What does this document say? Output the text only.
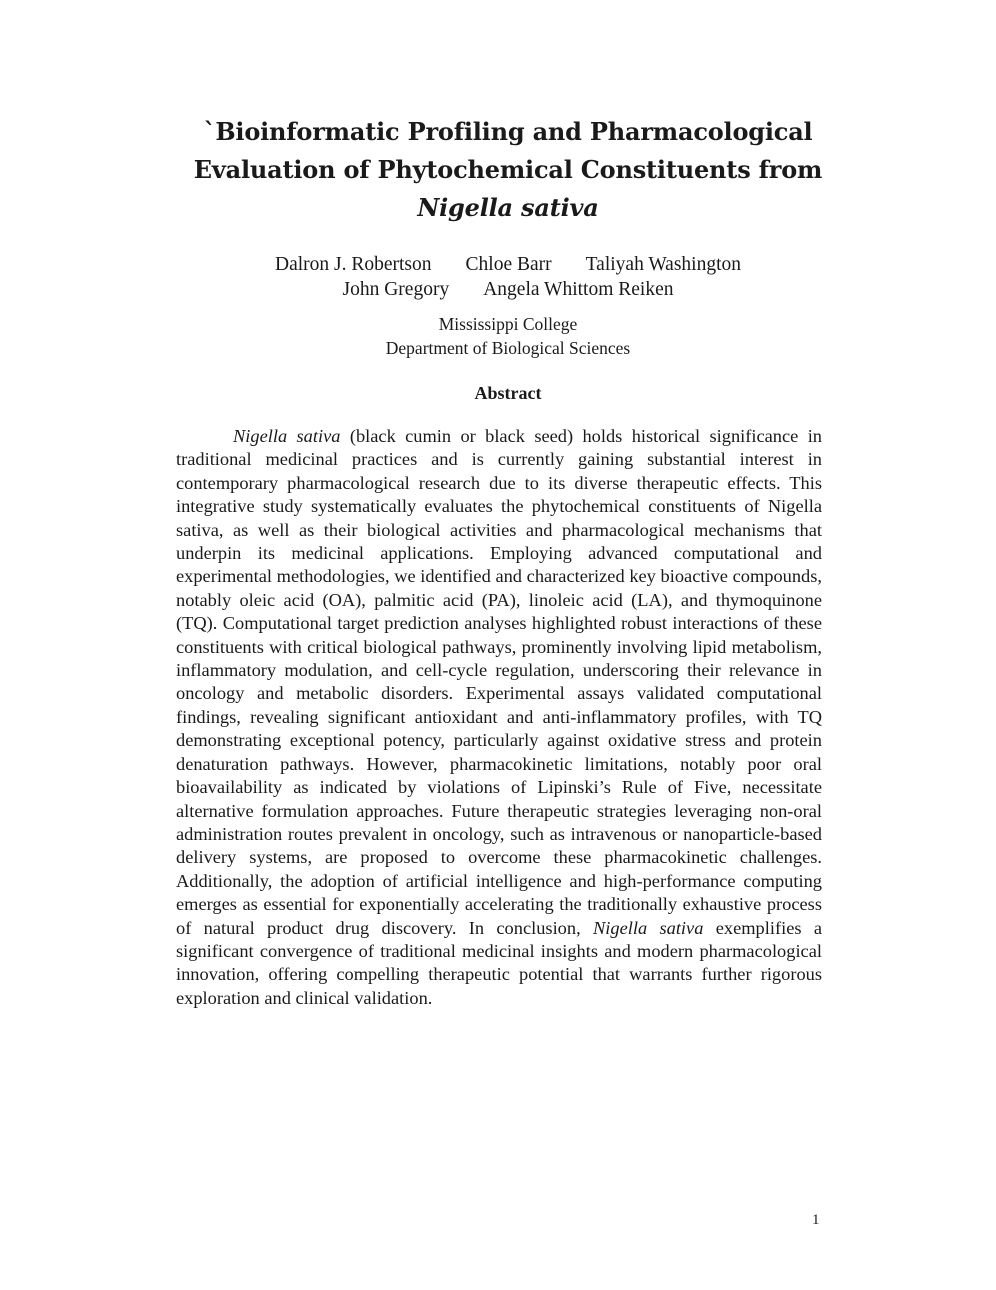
`Bioinformatic Profiling and Pharmacological
Evaluation of Phytochemical Constituents from
Nigella sativa
Dalron J. Robertson Chloe Barr Taliyah Washington
John Gregory Angela Whittom Reiken
Mississippi College
Department of Biological Sciences
Abstract

Nigella sativa (black cumin or black seed) holds historical significance in traditional medicinal practices and is currently gaining substantial interest in contemporary pharmacological research due to its diverse therapeutic effects. This integrative study systematically evaluates the phytochemical constituents of Nigella sativa, as well as their biological activities and pharmacological mechanisms that underpin its medicinal applications. Employing advanced computational and experimental methodologies, we identified and characterized key bioactive compounds, notably oleic acid (OA), palmitic acid (PA), linoleic acid (LA), and thymoquinone (TQ). Computational target prediction analyses highlighted robust interactions of these constituents with critical biological pathways, prominently involving lipid metabolism, inflammatory modulation, and cell-cycle regulation, underscoring their relevance in oncology and metabolic disorders. Experimental assays validated computational findings, revealing significant antioxidant and anti-inflammatory profiles, with TQ demonstrating exceptional potency, particularly against oxidative stress and protein denaturation pathways. However, pharmacokinetic limitations, notably poor oral bioavailability as indicated by violations of Lipinski’s Rule of Five, necessitate alternative formulation approaches. Future therapeutic strategies leveraging non-oral administration routes prevalent in oncology, such as intravenous or nanoparticle-based delivery systems, are proposed to overcome these pharmacokinetic challenges. Additionally, the adoption of artificial intelligence and high-performance computing emerges as essential for exponentially accelerating the traditionally exhaustive process of natural product drug discovery. In conclusion, Nigella sativa exemplifies a significant convergence of traditional medicinal insights and modern pharmacological innovation, offering compelling therapeutic potential that warrants further rigorous exploration and clinical validation.

1
